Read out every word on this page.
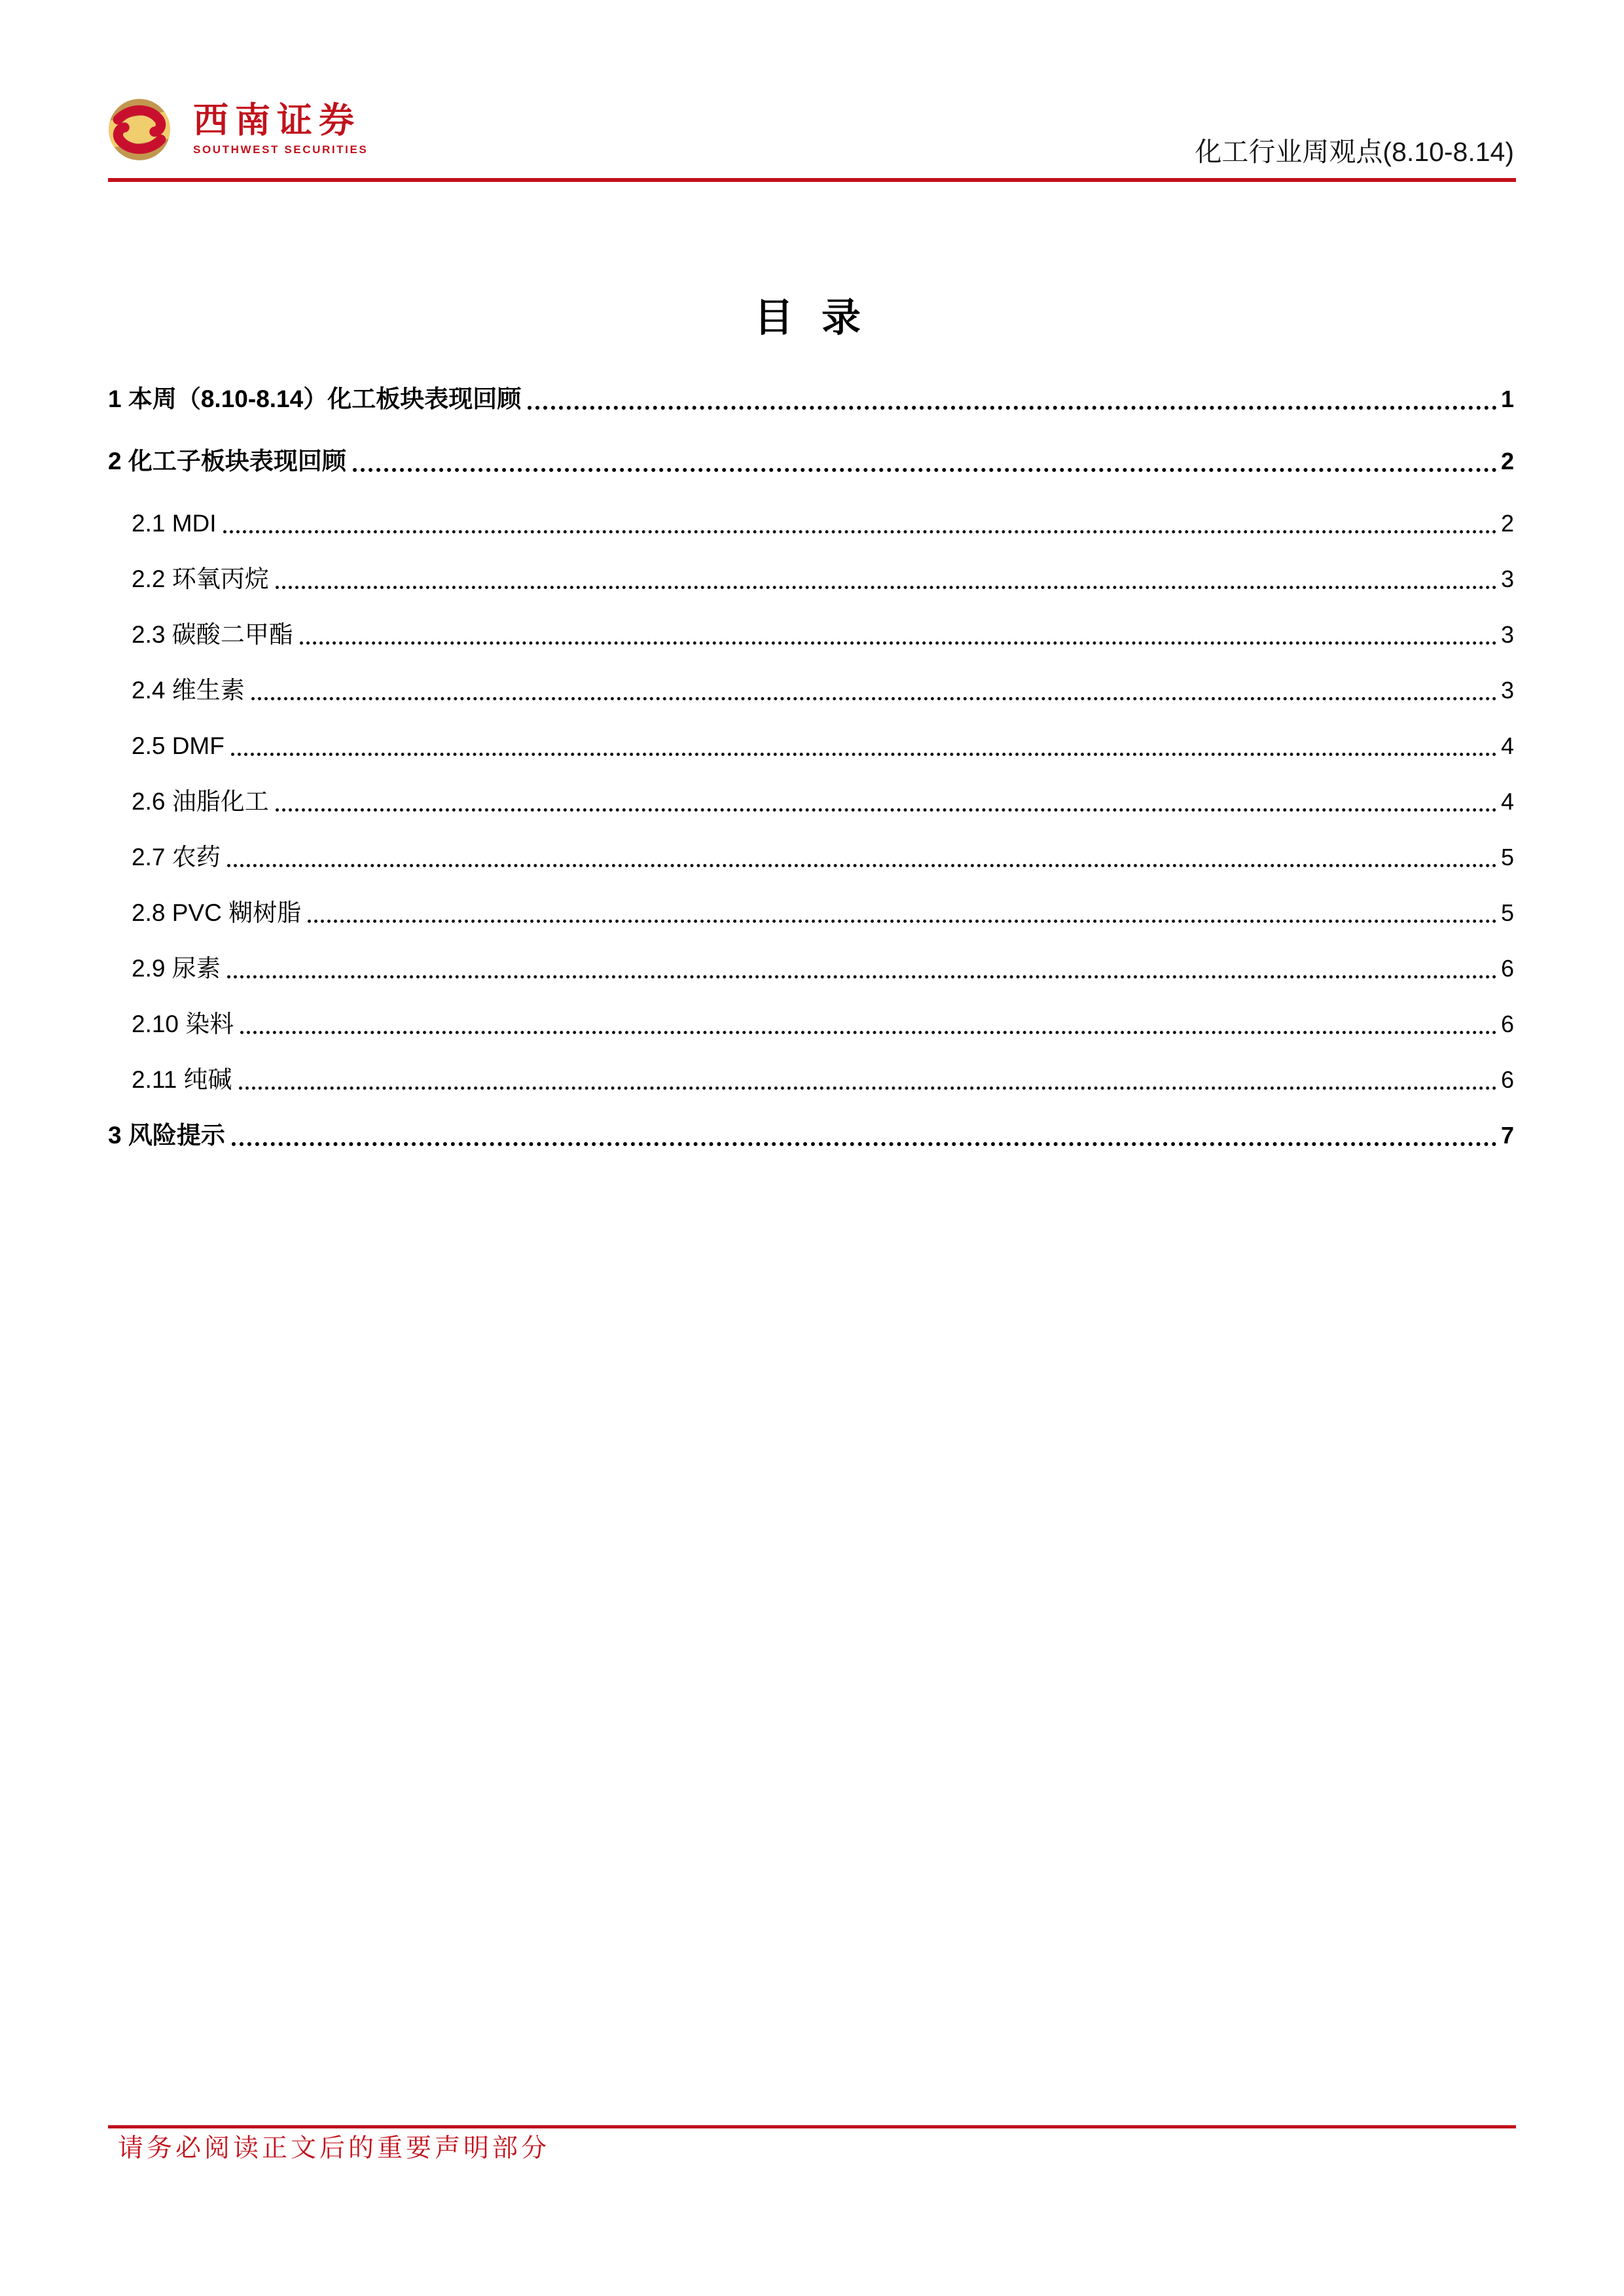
西南证券
SOUTHWEST SECURITIES	化工行业周观点(8.10-8.14)
目 录
1 本周（8.10-8.14）化工板块表现回顾	1
2 化工子板块表现回顾	2
2.1 MDI	2
2.2 环氧丙烷	3
2.3 碳酸二甲酯	3
2.4 维生素	3
2.5 DMF	4
2.6 油脂化工	4
2.7 农药	5
2.8 PVC 糊树脂	5
2.9 尿素	6
2.10 染料	6
2.11 纯碱	6
3 风险提示	7
请务必阅读正文后的重要声明部分
